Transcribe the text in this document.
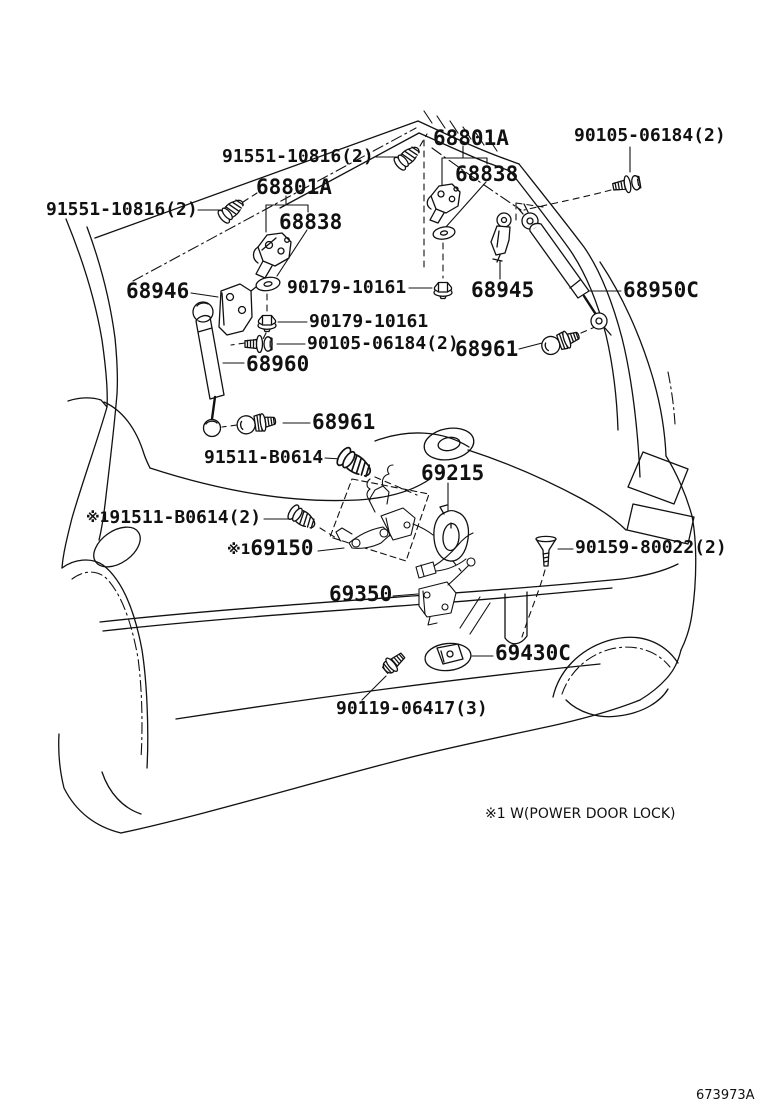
91551-10816(2)
91551-10816(2)
68801A
68838
68801A
68838
90105-06184(2)
68946	90179-10161
90179-10161
90105-06184(2)
68961
68945	68950C
68960
68961
91511-B0614
69215
※191511-B0614(2)
※169150
69350
90159-80022(2)
69430C
90119-06417(3)
※1 W(POWER DOOR LOCK)
673973A
